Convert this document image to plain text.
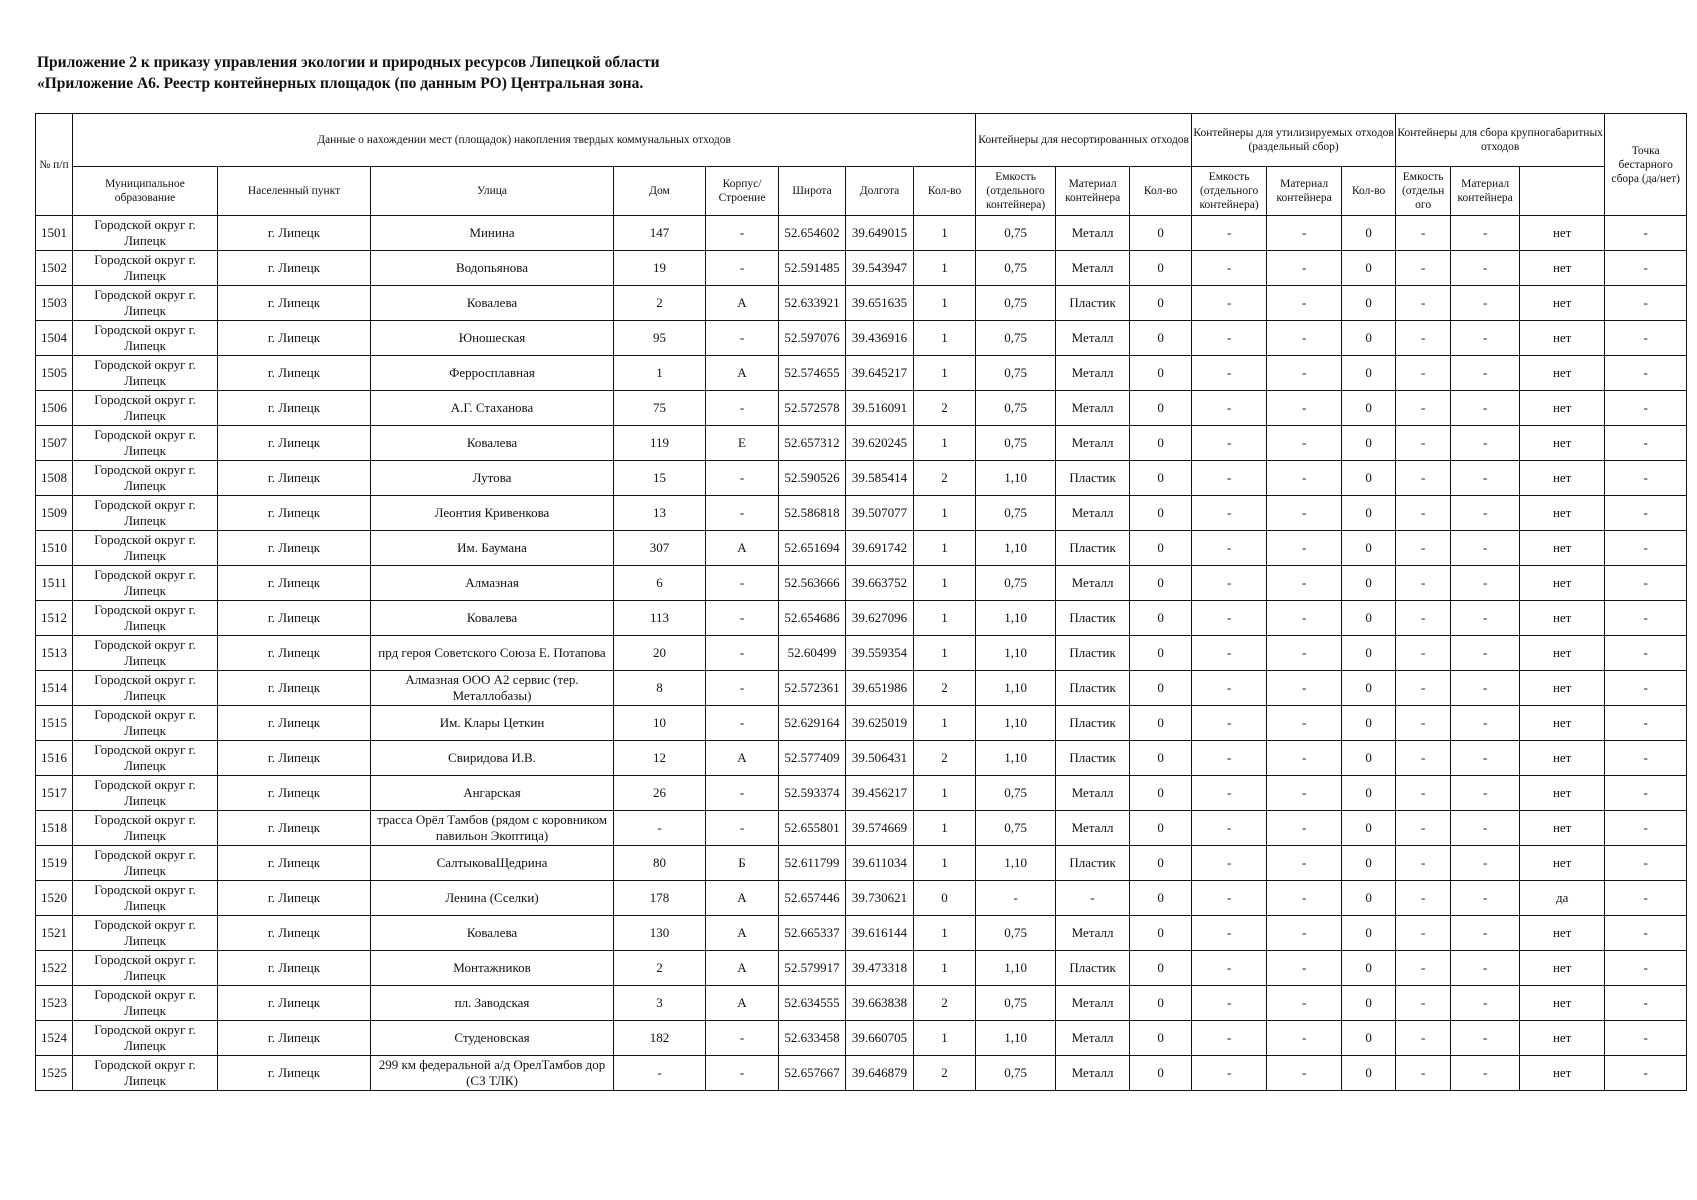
Приложение 2 к приказу управления экологии и природных ресурсов Липецкой области
«Приложение А6. Реестр контейнерных площадок (по данным РО) Центральная зона.
№ п/п	Данные о нахождении мест (площадок) накопления твердых коммунальных отходов								Контейнеры для несортированных отходов			Контейнеры для утилизируемых отходов (раздельный сбор)			Контейнеры для сбора крупногабаритных отходов			Точка бестарного сбора (да/нет)	
	Муниципальное образование	Населенный пункт	Улица	Дом	Корпус/ Строение	Широта	Долгота	Кол-во	Емкость (отдельного контейнера)	Материал контейнера	Кол-во	Емкость (отдельного контейнера)	Материал контейнера	Кол-во	Емкость (отдельн ого	Материал контейнера			
1501	Городской округ г. Липецк	г. Липецк	Минина	147	-	52.654602	39.649015	1	0,75	Металл	0	-	-	0	-	-	нет	-	
1502	Городской округ г. Липецк	г. Липецк	Водопьянова	19	-	52.591485	39.543947	1	0,75	Металл	0	-	-	0	-	-	нет	-	
1503	Городской округ г. Липецк	г. Липецк	Ковалева	2	А	52.633921	39.651635	1	0,75	Пластик	0	-	-	0	-	-	нет	-	
1504	Городской округ г. Липецк	г. Липецк	Юношеская	95	-	52.597076	39.436916	1	0,75	Металл	0	-	-	0	-	-	нет	-	
1505	Городской округ г. Липецк	г. Липецк	Ферросплавная	1	А	52.574655	39.645217	1	0,75	Металл	0	-	-	0	-	-	нет	-	
1506	Городской округ г. Липецк	г. Липецк	А.Г. Стаханова	75	-	52.572578	39.516091	2	0,75	Металл	0	-	-	0	-	-	нет	-	
1507	Городской округ г. Липецк	г. Липецк	Ковалева	119	Е	52.657312	39.620245	1	0,75	Металл	0	-	-	0	-	-	нет	-	
1508	Городской округ г. Липецк	г. Липецк	Лутова	15	-	52.590526	39.585414	2	1,10	Пластик	0	-	-	0	-	-	нет	-	
1509	Городской округ г. Липецк	г. Липецк	Леонтия Кривенкова	13	-	52.586818	39.507077	1	0,75	Металл	0	-	-	0	-	-	нет	-	
1510	Городской округ г. Липецк	г. Липецк	Им. Баумана	307	А	52.651694	39.691742	1	1,10	Пластик	0	-	-	0	-	-	нет	-	
1511	Городской округ г. Липецк	г. Липецк	Алмазная	6	-	52.563666	39.663752	1	0,75	Металл	0	-	-	0	-	-	нет	-	
1512	Городской округ г. Липецк	г. Липецк	Ковалева	113	-	52.654686	39.627096	1	1,10	Пластик	0	-	-	0	-	-	нет	-	
1513	Городской округ г. Липецк	г. Липецк	прд героя Советского Союза Е. Потапова	20	-	52.60499	39.559354	1	1,10	Пластик	0	-	-	0	-	-	нет	-	
1514	Городской округ г. Липецк	г. Липецк	Алмазная ООО А2 сервис (тер. Металлобазы)	8	-	52.572361	39.651986	2	1,10	Пластик	0	-	-	0	-	-	нет	-	
1515	Городской округ г. Липецк	г. Липецк	Им. Клары Цеткин	10	-	52.629164	39.625019	1	1,10	Пластик	0	-	-	0	-	-	нет	-	
1516	Городской округ г. Липецк	г. Липецк	Свиридова И.В.	12	А	52.577409	39.506431	2	1,10	Пластик	0	-	-	0	-	-	нет	-	
1517	Городской округ г. Липецк	г. Липецк	Ангарская	26	-	52.593374	39.456217	1	0,75	Металл	0	-	-	0	-	-	нет	-	
1518	Городской округ г. Липецк	г. Липецк	трасса Орёл Тамбов (рядом с коровником павильон Экоптица)	-	-	52.655801	39.574669	1	0,75	Металл	0	-	-	0	-	-	нет	-	
1519	Городской округ г. Липецк	г. Липецк	СалтыковаЩедрина	80	Б	52.611799	39.611034	1	1,10	Пластик	0	-	-	0	-	-	нет	-	
1520	Городской округ г. Липецк	г. Липецк	Ленина (Сселки)	178	А	52.657446	39.730621	0	-	-	0	-	-	0	-	-	да	-	
1521	Городской округ г. Липецк	г. Липецк	Ковалева	130	А	52.665337	39.616144	1	0,75	Металл	0	-	-	0	-	-	нет	-	
1522	Городской округ г. Липецк	г. Липецк	Монтажников	2	А	52.579917	39.473318	1	1,10	Пластик	0	-	-	0	-	-	нет	-	
1523	Городской округ г. Липецк	г. Липецк	пл. Заводская	3	А	52.634555	39.663838	2	0,75	Металл	0	-	-	0	-	-	нет	-	
1524	Городской округ г. Липецк	г. Липецк	Студеновская	182	-	52.633458	39.660705	1	1,10	Металл	0	-	-	0	-	-	нет	-	
1525	Городской округ г. Липецк	г. Липецк	299 км федеральной а/д ОрелТамбов дор (СЗ ТЛК)	-	-	52.657667	39.646879	2	0,75	Металл	0	-	-	0	-	-	нет	-	
